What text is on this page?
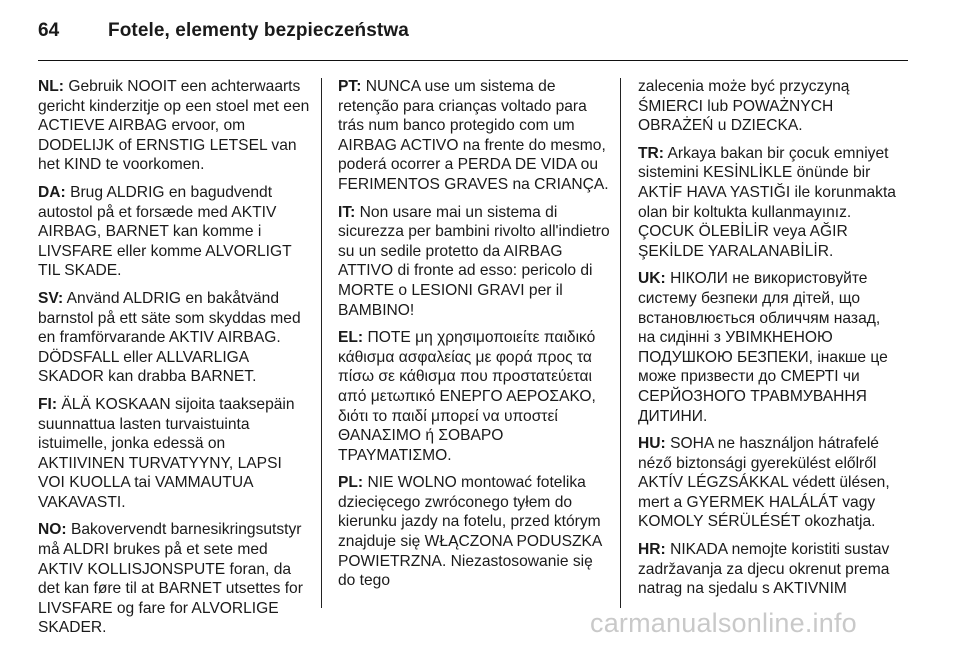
64	Fotele, elementy bezpieczeństwa

NL: Gebruik NOOIT een achterwaarts gericht kinderzitje op een stoel met een ACTIEVE AIRBAG ervoor, om DODELIJK of ERNSTIG LETSEL van het KIND te voorkomen.

DA: Brug ALDRIG en bagudvendt autostol på et forsæde med AKTIV AIRBAG, BARNET kan komme i LIVSFARE eller komme ALVORLIGT TIL SKADE.

SV: Använd ALDRIG en bakåtvänd barnstol på ett säte som skyddas med en framförvarande AKTIV AIRBAG. DÖDSFALL eller ALLVARLIGA SKADOR kan drabba BARNET.

FI: ÄLÄ KOSKAAN sijoita taaksepäin suunnattua lasten turvaistuinta istuimelle, jonka edessä on AKTIIVINEN TURVATYYNY, LAPSI VOI KUOLLA tai VAMMAUTUA VAKAVASTI.

NO: Bakovervendt barnesikringsutstyr må ALDRI brukes på et sete med AKTIV KOLLISJONSPUTE foran, da det kan føre til at BARNET utsettes for LIVSFARE og fare for ALVORLIGE SKADER.

PT: NUNCA use um sistema de retenção para crianças voltado para trás num banco protegido com um AIRBAG ACTIVO na frente do mesmo, poderá ocorrer a PERDA DE VIDA ou FERIMENTOS GRAVES na CRIANÇA.

IT: Non usare mai un sistema di sicurezza per bambini rivolto all'indietro su un sedile protetto da AIRBAG ATTIVO di fronte ad esso: pericolo di MORTE o LESIONI GRAVI per il BAMBINO!

EL: ΠΟΤΕ μη χρησιμοποιείτε παιδικό κάθισμα ασφαλείας με φορά προς τα πίσω σε κάθισμα που προστατεύεται από μετωπικό ΕΝΕΡΓΟ ΑΕΡΟΣΑΚΟ, διότι το παιδί μπορεί να υποστεί ΘΑΝΑΣΙΜΟ ή ΣΟΒΑΡΟ ΤΡΑΥΜΑΤΙΣΜΟ.

PL: NIE WOLNO montować fotelika dziecięcego zwróconego tyłem do kierunku jazdy na fotelu, przed którym znajduje się WŁĄCZONA PODUSZKA POWIETRZNA. Niezastosowanie się do tego

zalecenia może być przyczyną ŚMIERCI lub POWAŻNYCH OBRAŻEŃ u DZIECKA.

TR: Arkaya bakan bir çocuk emniyet sistemini KESİNLİKLE önünde bir AKTİF HAVA YASTIĞI ile korunmakta olan bir koltukta kullanmayınız. ÇOCUK ÖLEBİLİR veya AĞIR ŞEKİLDE YARALANABİLİR.

UK: НІКОЛИ не використовуйте систему безпеки для дітей, що встановлюється обличчям назад, на сидінні з УВІМКНЕНОЮ ПОДУШКОЮ БЕЗПЕКИ, інакше це може призвести до СМЕРТІ чи СЕРЙОЗНОГО ТРАВМУВАННЯ ДИТИНИ.

HU: SOHA ne használjon hátrafelé néző biztonsági gyerekülést előlről AKTÍV LÉGZSÁKKAL védett ülésen, mert a GYERMEK HALÁLÁT vagy KOMOLY SÉRÜLÉSÉT okozhatja.

HR: NIKADA nemojte koristiti sustav zadržavanja za djecu okrenut prema natrag na sjedalu s AKTIVNIM

carmanualsonline.info
